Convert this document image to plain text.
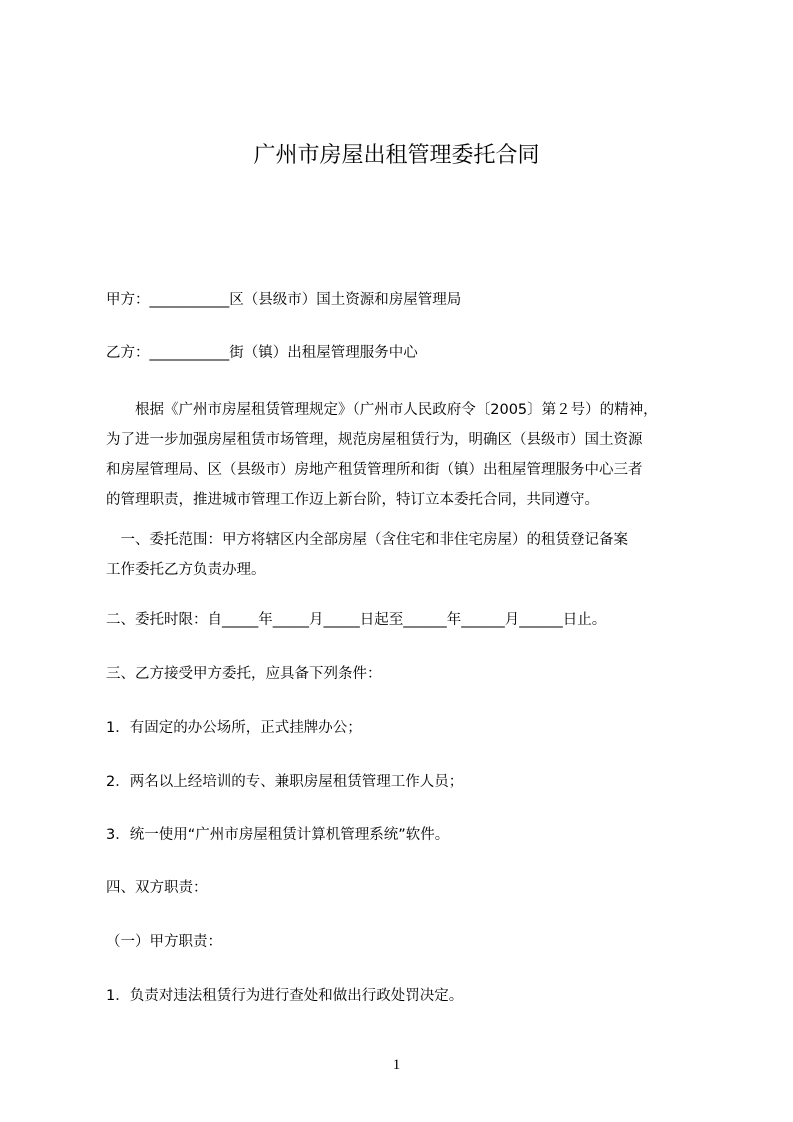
广州市房屋出租管理委托合同
甲方：___________区（县级市）国土资源和房屋管理局
乙方：___________街（镇）出租屋管理服务中心
　　根据《广州市房屋租赁管理规定》（广州市人民政府令〔2005〕第２号）的精神，
为了进一步加强房屋租赁市场管理，规范房屋租赁行为，明确区（县级市）国土资源
和房屋管理局、区（县级市）房地产租赁管理所和街（镇）出租屋管理服务中心三者
的管理职责，推进城市管理工作迈上新台阶，特订立本委托合同，共同遵守。
　一、委托范围：甲方将辖区内全部房屋（含住宅和非住宅房屋）的租赁登记备案
工作委托乙方负责办理。
二、委托时限：自_____年_____月_____日起至______年______月______日止。
三、乙方接受甲方委托，应具备下列条件：
1．有固定的办公场所，正式挂牌办公；
2．两名以上经培训的专、兼职房屋租赁管理工作人员；
3．统一使用“广州市房屋租赁计算机管理系统”软件。
四、双方职责：
（一）甲方职责：
1．负责对违法租赁行为进行查处和做出行政处罚决定。
1
